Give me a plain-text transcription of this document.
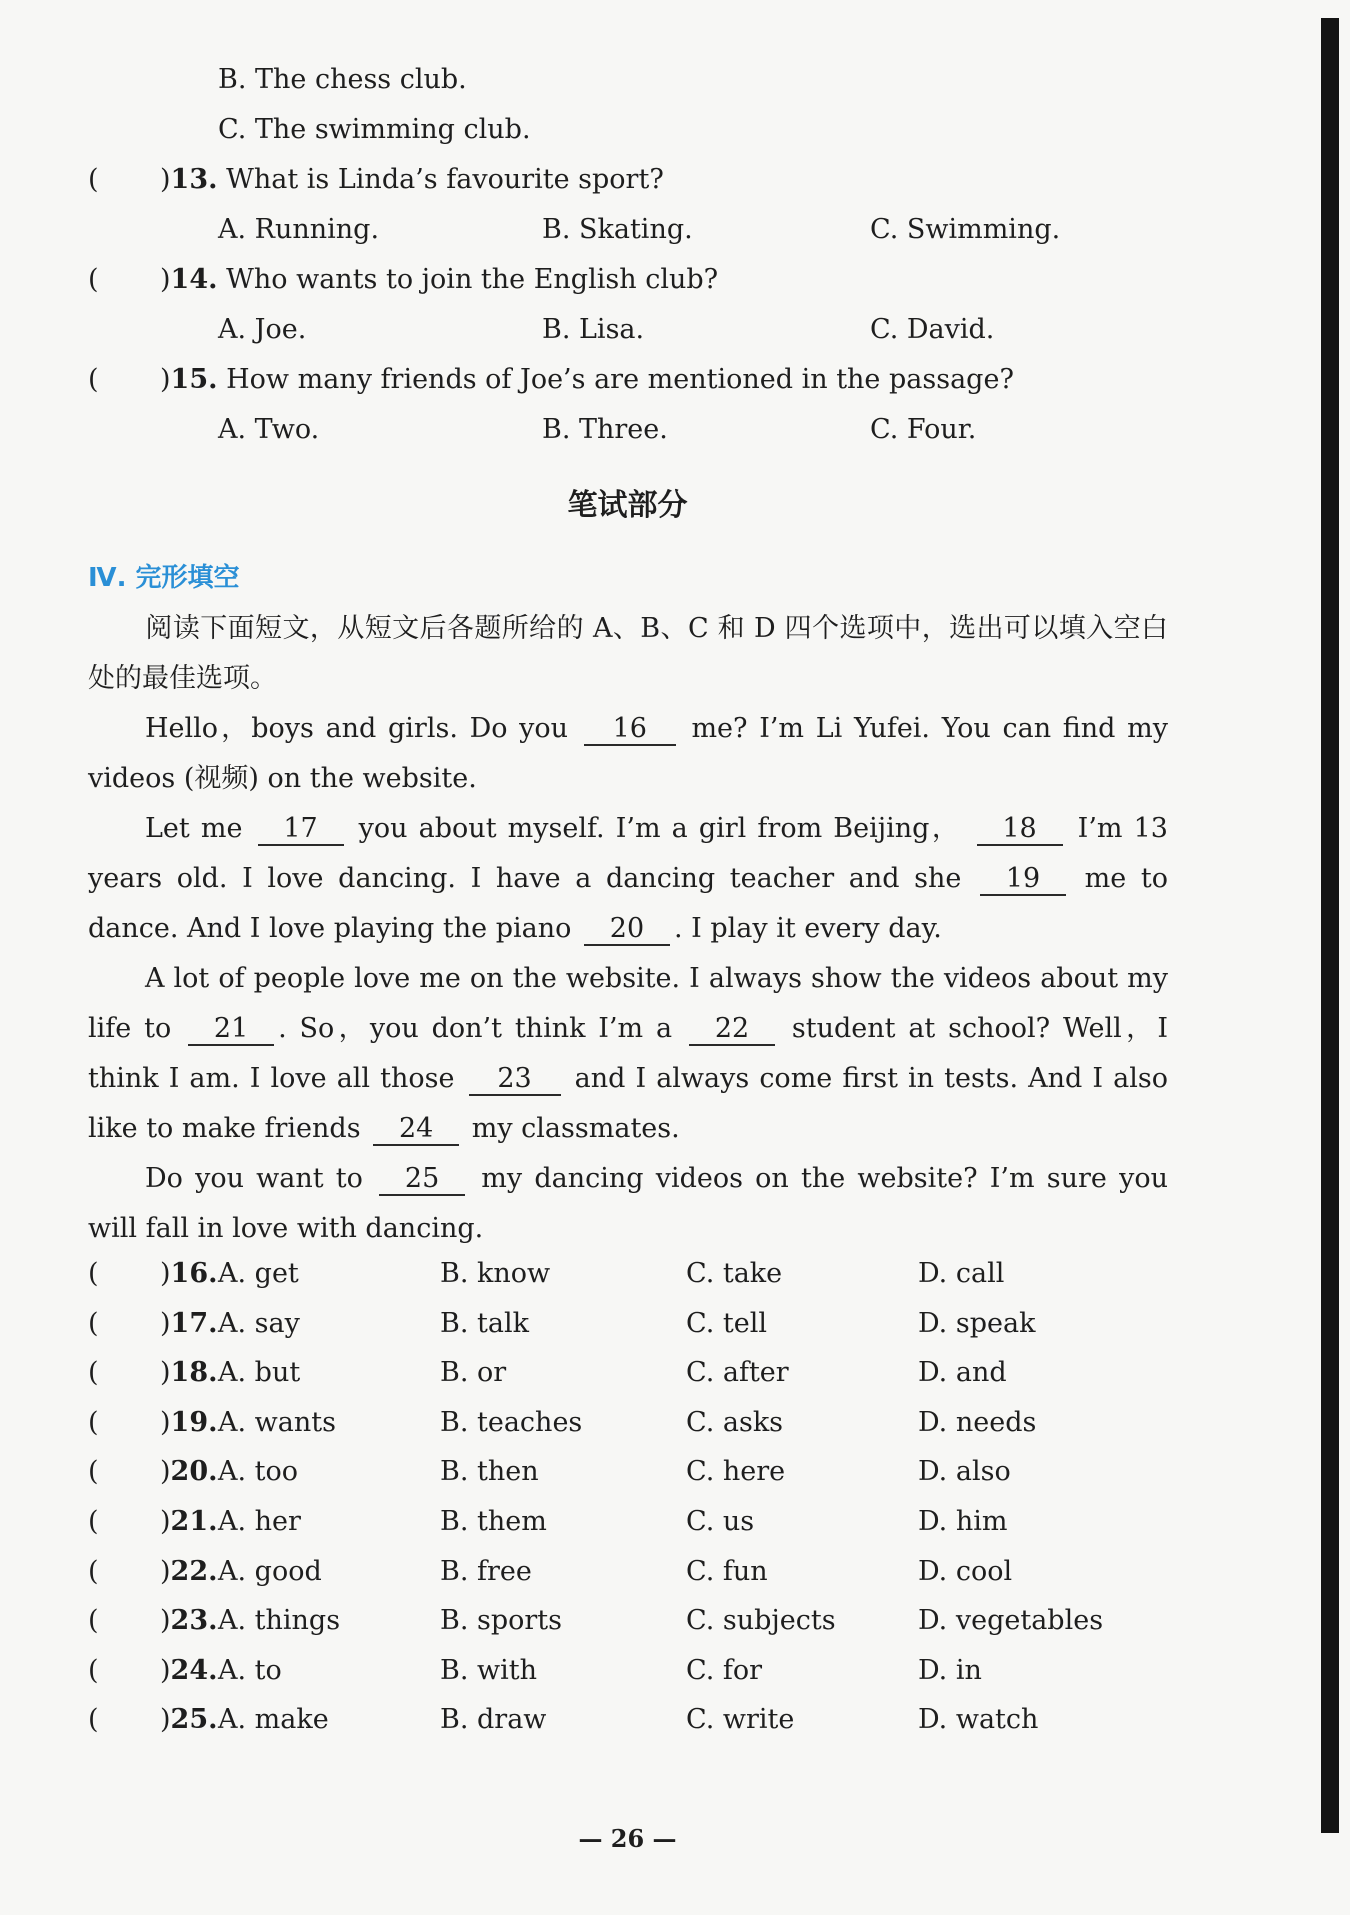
B. The chess club.
C. The swimming club.
( )13. What is Linda’s favourite sport?
A. Running.	B. Skating.	C. Swimming.
( )14. Who wants to join the English club?
A. Joe.	B. Lisa.	C. David.
( )15. How many friends of Joe’s are mentioned in the passage?
A. Two.	B. Three.	C. Four.
笔试部分
Ⅳ. 完形填空
阅读下面短文，从短文后各题所给的 A、B、C 和 D 四个选项中，选出可以填入空白处的最佳选项。
Hello，boys and girls. Do you 16 me? I’m Li Yufei. You can find my videos (视频) on the website.
Let me 17 you about myself. I’m a girl from Beijing， 18 I’m 13 years old. I love dancing. I have a dancing teacher and she 19 me to dance. And I love playing the piano 20 . I play it every day.
A lot of people love me on the website. I always show the videos about my life to 21 . So，you don’t think I’m a 22 student at school? Well，I think I am. I love all those 23 and I always come first in tests. And I also like to make friends 24 my classmates.
Do you want to 25 my dancing videos on the website? I’m sure you will fall in love with dancing.
( )16. A. get	B. know	C. take	D. call
( )17. A. say	B. talk	C. tell	D. speak
( )18. A. but	B. or	C. after	D. and
( )19. A. wants	B. teaches	C. asks	D. needs
( )20. A. too	B. then	C. here	D. also
( )21. A. her	B. them	C. us	D. him
( )22. A. good	B. free	C. fun	D. cool
( )23. A. things	B. sports	C. subjects	D. vegetables
( )24. A. to	B. with	C. for	D. in
( )25. A. make	B. draw	C. write	D. watch
— 26 —
